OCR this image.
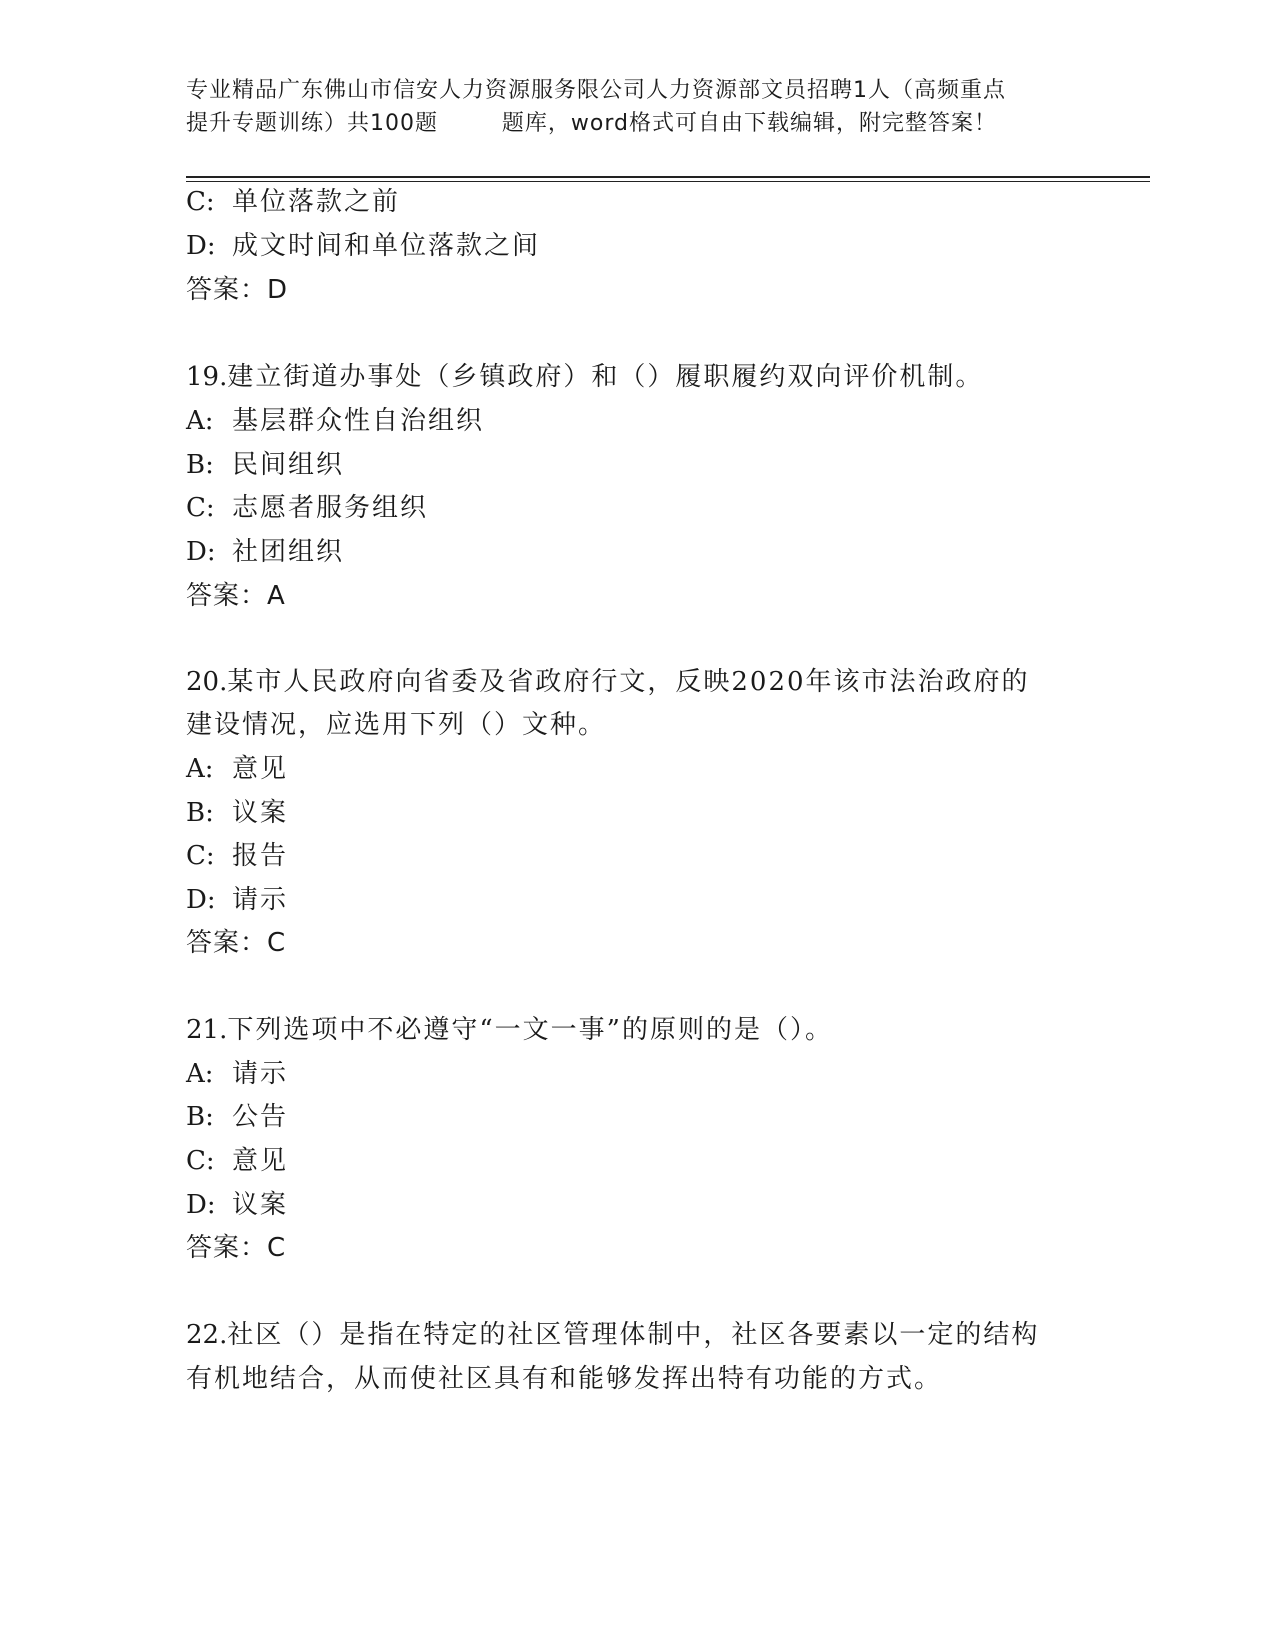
专业精品广东佛山市信安人力资源服务限公司人力资源部文员招聘1人（高频重点
提升专题训练）共100题        题库，word格式可自由下载编辑，附完整答案！
C: 单位落款之前
D: 成文时间和单位落款之间
答案：D
19.建立街道办事处（乡镇政府）和（）履职履约双向评价机制。
A: 基层群众性自治组织
B: 民间组织
C: 志愿者服务组织
D: 社团组织
答案：A
20.某市人民政府向省委及省政府行文，反映2020年该市法治政府的
建设情况，应选用下列（）文种。
A: 意见
B: 议案
C: 报告
D: 请示
答案：C
21.下列选项中不必遵守“一文一事”的原则的是（）。
A: 请示
B: 公告
C: 意见
D: 议案
答案：C
22.社区（）是指在特定的社区管理体制中，社区各要素以一定的结构
有机地结合，从而使社区具有和能够发挥出特有功能的方式。
